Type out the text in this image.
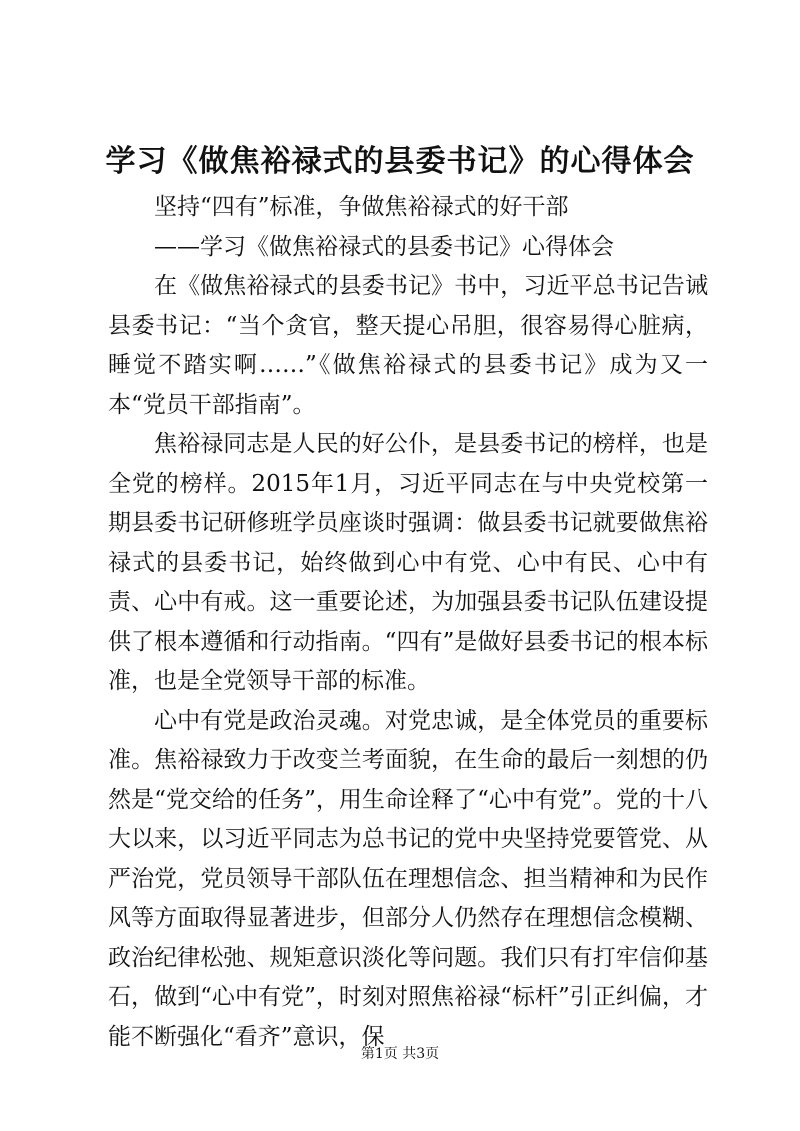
学习《做焦裕禄式的县委书记》的心得体会

坚持“四有”标准，争做焦裕禄式的好干部

——学习《做焦裕禄式的县委书记》心得体会

在《做焦裕禄式的县委书记》书中，习近平总书记告诫县委书记：“当个贪官，整天提心吊胆，很容易得心脏病，睡觉不踏实啊……”《做焦裕禄式的县委书记》成为又一本“党员干部指南”。

焦裕禄同志是人民的好公仆，是县委书记的榜样，也是全党的榜样。2015年1月，习近平同志在与中央党校第一期县委书记研修班学员座谈时强调：做县委书记就要做焦裕禄式的县委书记，始终做到心中有党、心中有民、心中有责、心中有戒。这一重要论述，为加强县委书记队伍建设提供了根本遵循和行动指南。“四有”是做好县委书记的根本标准，也是全党领导干部的标准。

心中有党是政治灵魂。对党忠诚，是全体党员的重要标准。焦裕禄致力于改变兰考面貌，在生命的最后一刻想的仍然是“党交给的任务”，用生命诠释了“心中有党”。党的十八大以来，以习近平同志为总书记的党中央坚持党要管党、从严治党，党员领导干部队伍在理想信念、担当精神和为民作风等方面取得显著进步，但部分人仍然存在理想信念模糊、政治纪律松弛、规矩意识淡化等问题。我们只有打牢信仰基石，做到“心中有党”，时刻对照焦裕禄“标杆”引正纠偏，才能不断强化“看齐”意识，保

第1页 共3页
